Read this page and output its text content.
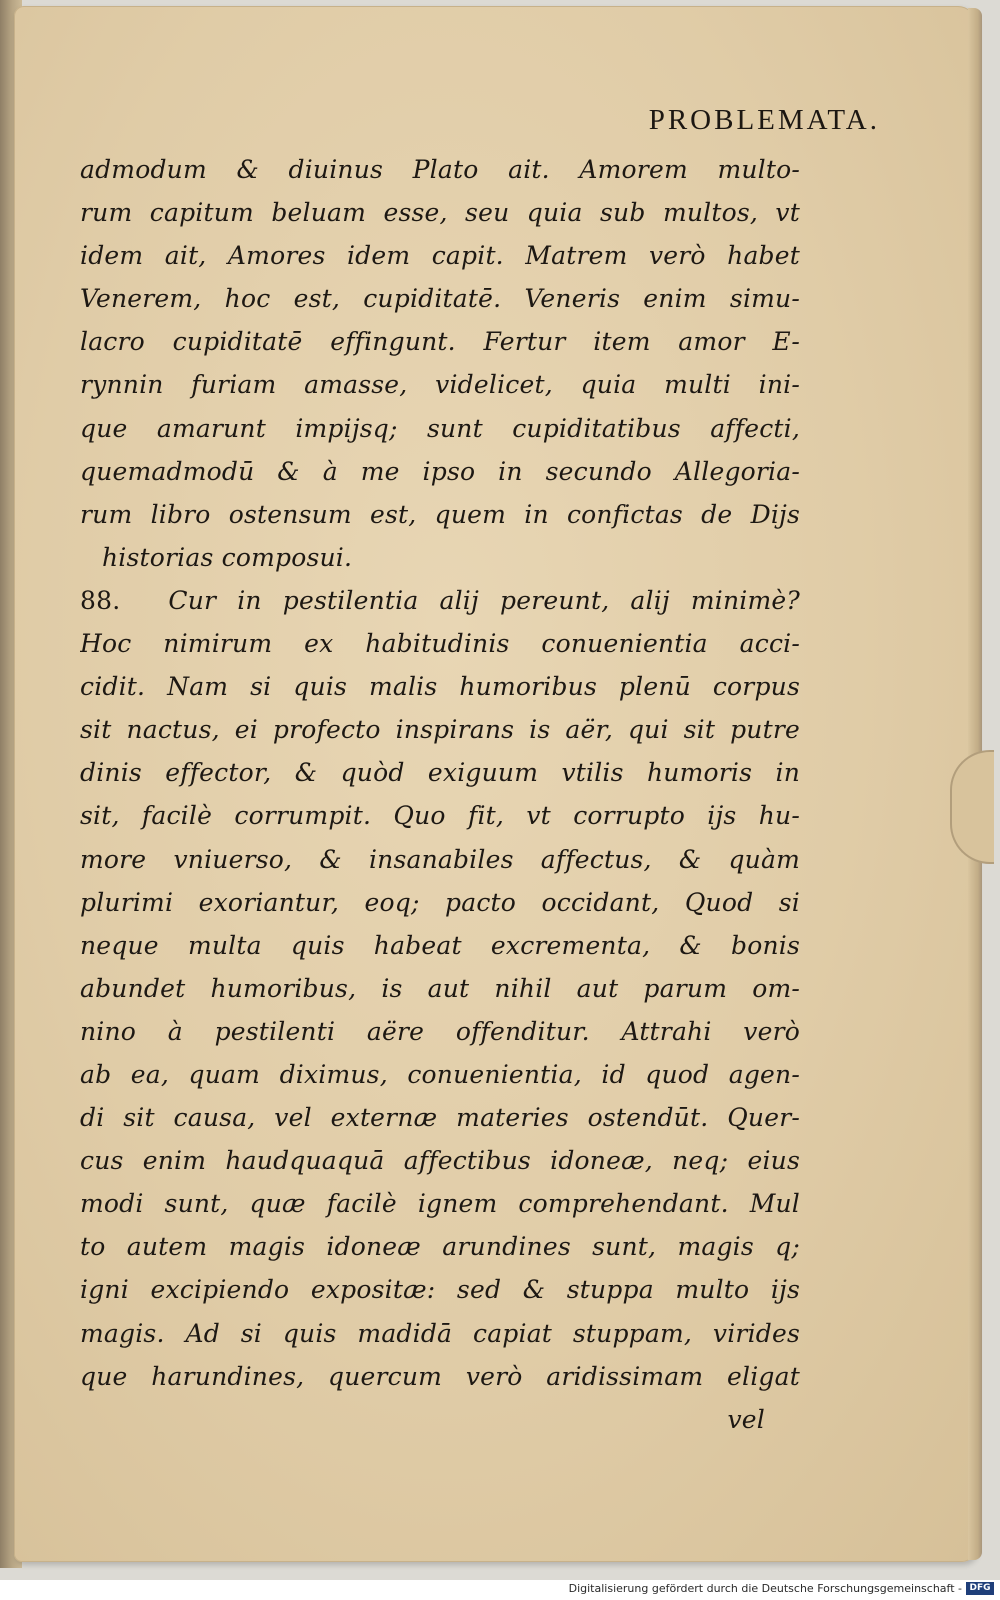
PROBLEMATA.
admodum & diuinus Plato ait. Amorem multo-
rum capitum beluam esse, seu quia sub multos, vt
idem ait, Amores idem capit. Matrem verò habet
Venerem, hoc est, cupiditatē. Veneris enim simu-
lacro cupiditatē effingunt. Fertur item amor E-
rynnin furiam amasse, videlicet, quia multi ini-
que amarunt impijsq; sunt cupiditatibus affecti,
quemadmodū & à me ipso in secundo Allegoria-
rum libro ostensum est, quem in confictas de Dijs
historias composui.
88. Cur in pestilentia alij pereunt, alij minimè?
Hoc nimirum ex habitudinis conuenientia acci-
cidit. Nam si quis malis humoribus plenū corpus
sit nactus, ei profecto inspirans is aër, qui sit putre
dinis effector, & quòd exiguum vtilis humoris in
sit, facilè corrumpit. Quo fit, vt corrupto ijs hu-
more vniuerso, & insanabiles affectus, & quàm
plurimi exoriantur, eoq; pacto occidant, Quod si
neque multa quis habeat excrementa, & bonis
abundet humoribus, is aut nihil aut parum om-
nino à pestilenti aëre offenditur. Attrahi verò
ab ea, quam diximus, conuenientia, id quod agen-
di sit causa, vel externæ materies ostendūt. Quer-
cus enim haudquaquā affectibus idoneæ, neq; eius
modi sunt, quæ facilè ignem comprehendant. Mul
to autem magis idoneæ arundines sunt, magis q;
igni excipiendo expositæ: sed & stuppa multo ijs
magis. Ad si quis madidā capiat stuppam, virides
que harundines, quercum verò aridissimam eligat
vel
Digitalisierung gefördert durch die Deutsche Forschungsgemeinschaft - DFG
